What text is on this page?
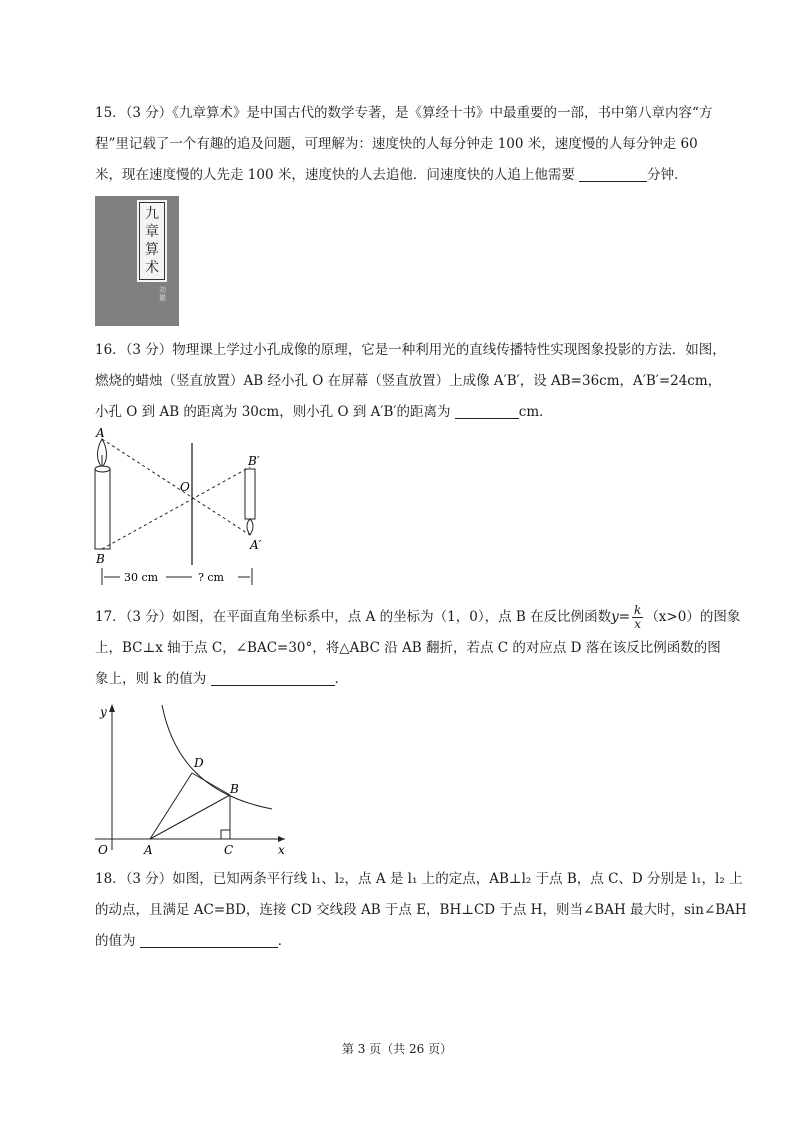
15．（3 分）《九章算术》是中国古代的数学专著，是《算经十书》中最重要的一部，书中第八章内容“方

程”里记载了一个有趣的追及问题，可理解为：速度快的人每分钟走 100 米，速度慢的人每分钟走 60

米，现在速度慢的人先走 100 米，速度快的人去追他．问速度快的人追上他需要	分钟．

九
章
算
术
刘徽

16．（3 分）物理课上学过小孔成像的原理，它是一种利用光的直线传播特性实现图象投影的方法．如图，

燃烧的蜡烛（竖直放置）AB 经小孔 O 在屏幕（竖直放置）上成像 A′B′，设 AB=36cm，A′B′=24cm，

小孔 O 到 AB 的距离为 30cm，则小孔 O 到 A′B′的距离为	cm．

A
B
O
B′
A′
30 cm	? cm

17．（3 分）如图，在平面直角坐标系中，点 A 的坐标为（1，0），点 B 在反比例函数$y= \frac{k}{x} (x>0)$的图象

上，BC⊥x 轴于点 C，∠BAC=30°，将△ABC 沿 AB 翻折，若点 C 的对应点 D 落在该反比例函数的图

象上，则 k 的值为	．

y
x
O	A
B
C
D

18．（3 分）如图，已知两条平行线 l₁、l₂，点 A 是 l₁ 上的定点，AB⊥l₂ 于点 B，点 C、D 分别是 l₁，l₂ 上

的动点，且满足 AC=BD，连接 CD 交线段 AB 于点 E，BH⊥CD 于点 H，则当∠BAH 最大时，sin∠BAH

的值为	．

第 3 页（共 26 页）
